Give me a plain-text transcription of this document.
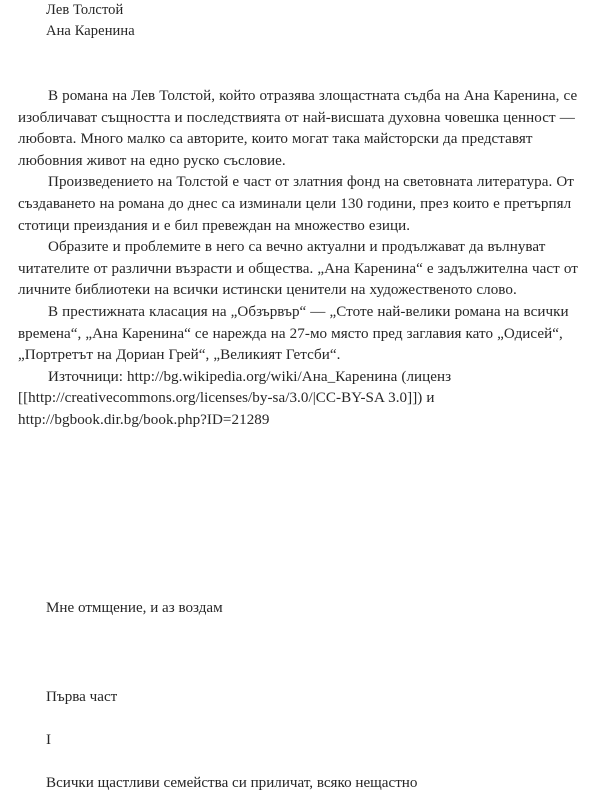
Лев Толстой
Ана Каренина

В романа на Лев Толстой, който отразява злощастната съдба на Ана Каренина, се изобличават същността и последствията от най-висшата духовна човешка ценност — любовта. Много малко са авторите, които могат така майсторски да представят любовния живот на едно руско съсловие.

Произведението на Толстой е част от златния фонд на световната литература. От създаването на романа до днес са изминали цели 130 години, през които е претърпял стотици преиздания и е бил превеждан на множество езици.

Образите и проблемите в него са вечно актуални и продължават да вълнуват читателите от различни възрасти и общества. „Ана Каренина“ е задължителна част от личните библиотеки на всички истински ценители на художественото слово.

В престижната класация на „Обзървър“ — „Стоте най-велики романа на всички времена“, „Ана Каренина“ се нарежда на 27-мо място пред заглавия като „Одисей“, „Портретът на Дориан Грей“, „Великият Гетсби“.

Източници: http://bg.wikipedia.org/wiki/Ана_Каренина (лиценз [[http://creativecommons.org/licenses/by-sa/3.0/|CC-BY-SA 3.0]]) и http://bgbook.dir.bg/book.php?ID=21289

Мне отмщение, и аз воздам
Първа част
I
Всички щастливи семейства си приличат, всяко нещастно
